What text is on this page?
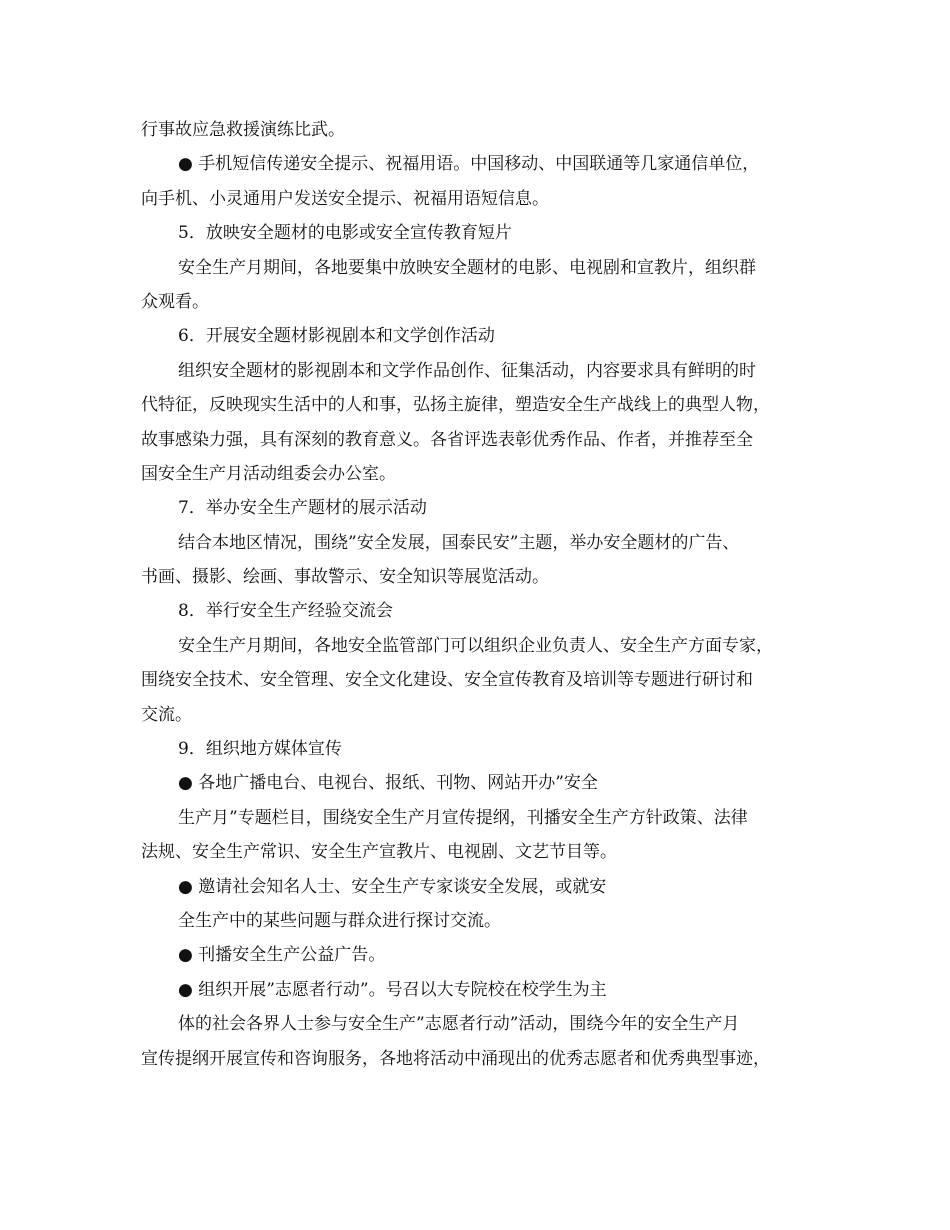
行事故应急救援演练比武。
● 手机短信传递安全提示、祝福用语。中国移动、中国联通等几家通信单位，
向手机、小灵通用户发送安全提示、祝福用语短信息。
5．放映安全题材的电影或安全宣传教育短片
安全生产月期间，各地要集中放映安全题材的电影、电视剧和宣教片，组织群
众观看。
6．开展安全题材影视剧本和文学创作活动
组织安全题材的影视剧本和文学作品创作、征集活动，内容要求具有鲜明的时
代特征，反映现实生活中的人和事，弘扬主旋律，塑造安全生产战线上的典型人物，
故事感染力强，具有深刻的教育意义。各省评选表彰优秀作品、作者，并推荐至全
国安全生产月活动组委会办公室。
7．举办安全生产题材的展示活动
结合本地区情况，围绕”安全发展，国泰民安”主题，举办安全题材的广告、
书画、摄影、绘画、事故警示、安全知识等展览活动。
8．举行安全生产经验交流会
安全生产月期间，各地安全监管部门可以组织企业负责人、安全生产方面专家，
围绕安全技术、安全管理、安全文化建设、安全宣传教育及培训等专题进行研讨和
交流。
9．组织地方媒体宣传
● 各地广播电台、电视台、报纸、刊物、网站开办”安全
生产月”专题栏目，围绕安全生产月宣传提纲，刊播安全生产方针政策、法律
法规、安全生产常识、安全生产宣教片、电视剧、文艺节目等。
● 邀请社会知名人士、安全生产专家谈安全发展，或就安
全生产中的某些问题与群众进行探讨交流。
● 刊播安全生产公益广告。
● 组织开展”志愿者行动”。号召以大专院校在校学生为主
体的社会各界人士参与安全生产”志愿者行动”活动，围绕今年的安全生产月
宣传提纲开展宣传和咨询服务，各地将活动中涌现出的优秀志愿者和优秀典型事迹，
